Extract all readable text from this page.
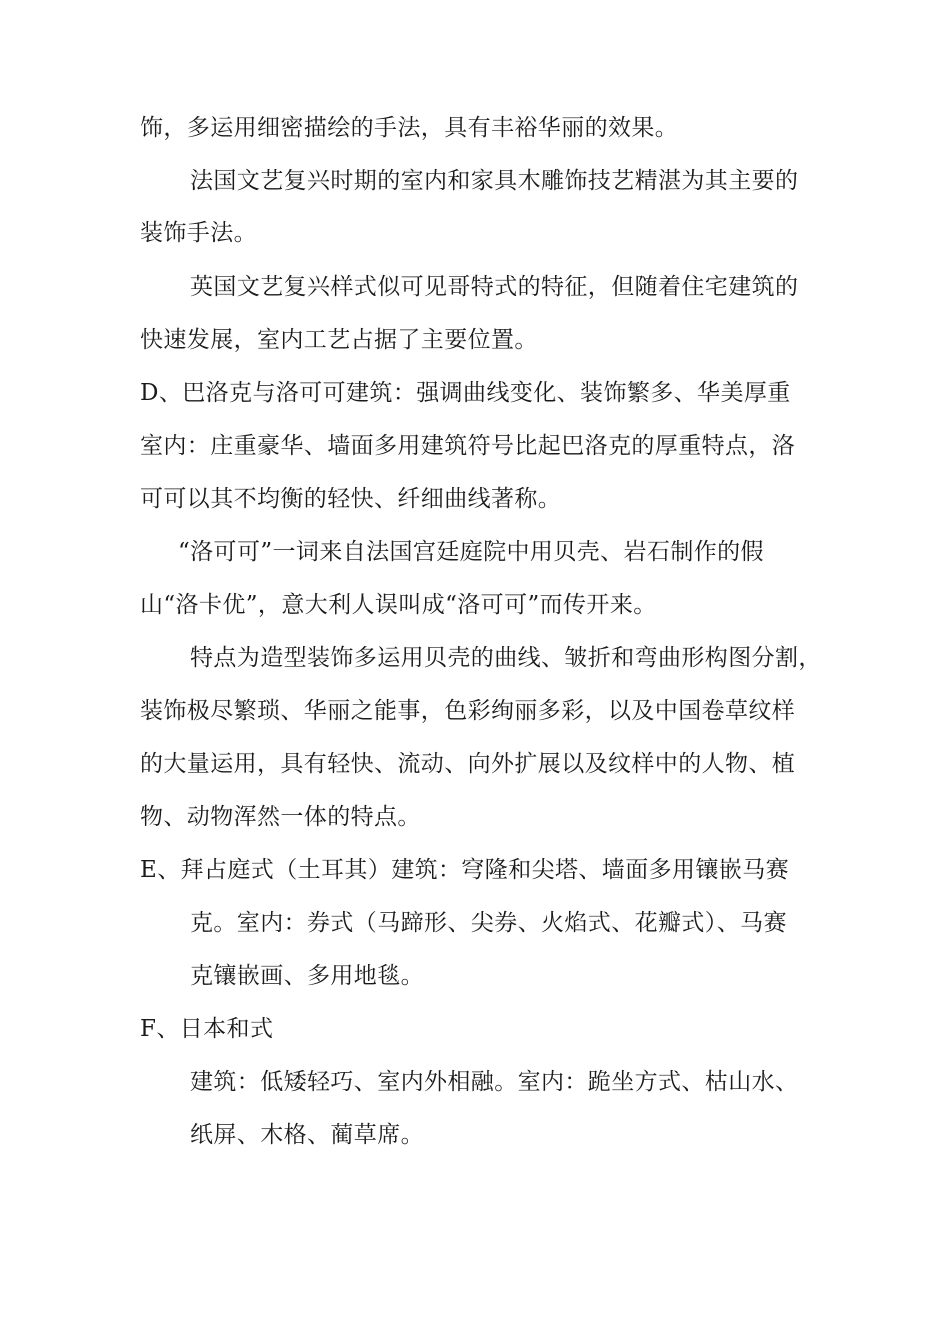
饰，多运用细密描绘的手法，具有丰裕华丽的效果。
法国文艺复兴时期的室内和家具木雕饰技艺精湛为其主要的
装饰手法。
英国文艺复兴样式似可见哥特式的特征，但随着住宅建筑的
快速发展，室内工艺占据了主要位置。
D、巴洛克与洛可可建筑：强调曲线变化、装饰繁多、华美厚重
室内：庄重豪华、墙面多用建筑符号比起巴洛克的厚重特点，洛
可可以其不均衡的轻快、纤细曲线著称。
“洛可可”一词来自法国宫廷庭院中用贝壳、岩石制作的假
山“洛卡优”，意大利人误叫成“洛可可”而传开来。
特点为造型装饰多运用贝壳的曲线、皱折和弯曲形构图分割，
装饰极尽繁琐、华丽之能事，色彩绚丽多彩，以及中国卷草纹样
的大量运用，具有轻快、流动、向外扩展以及纹样中的人物、植
物、动物浑然一体的特点。
E、拜占庭式（土耳其）建筑：穹隆和尖塔、墙面多用镶嵌马赛
克。室内：券式（马蹄形、尖券、火焰式、花瓣式）、马赛
克镶嵌画、多用地毯。
F、日本和式
建筑：低矮轻巧、室内外相融。室内：跪坐方式、枯山水、
纸屏、木格、蔺草席。
